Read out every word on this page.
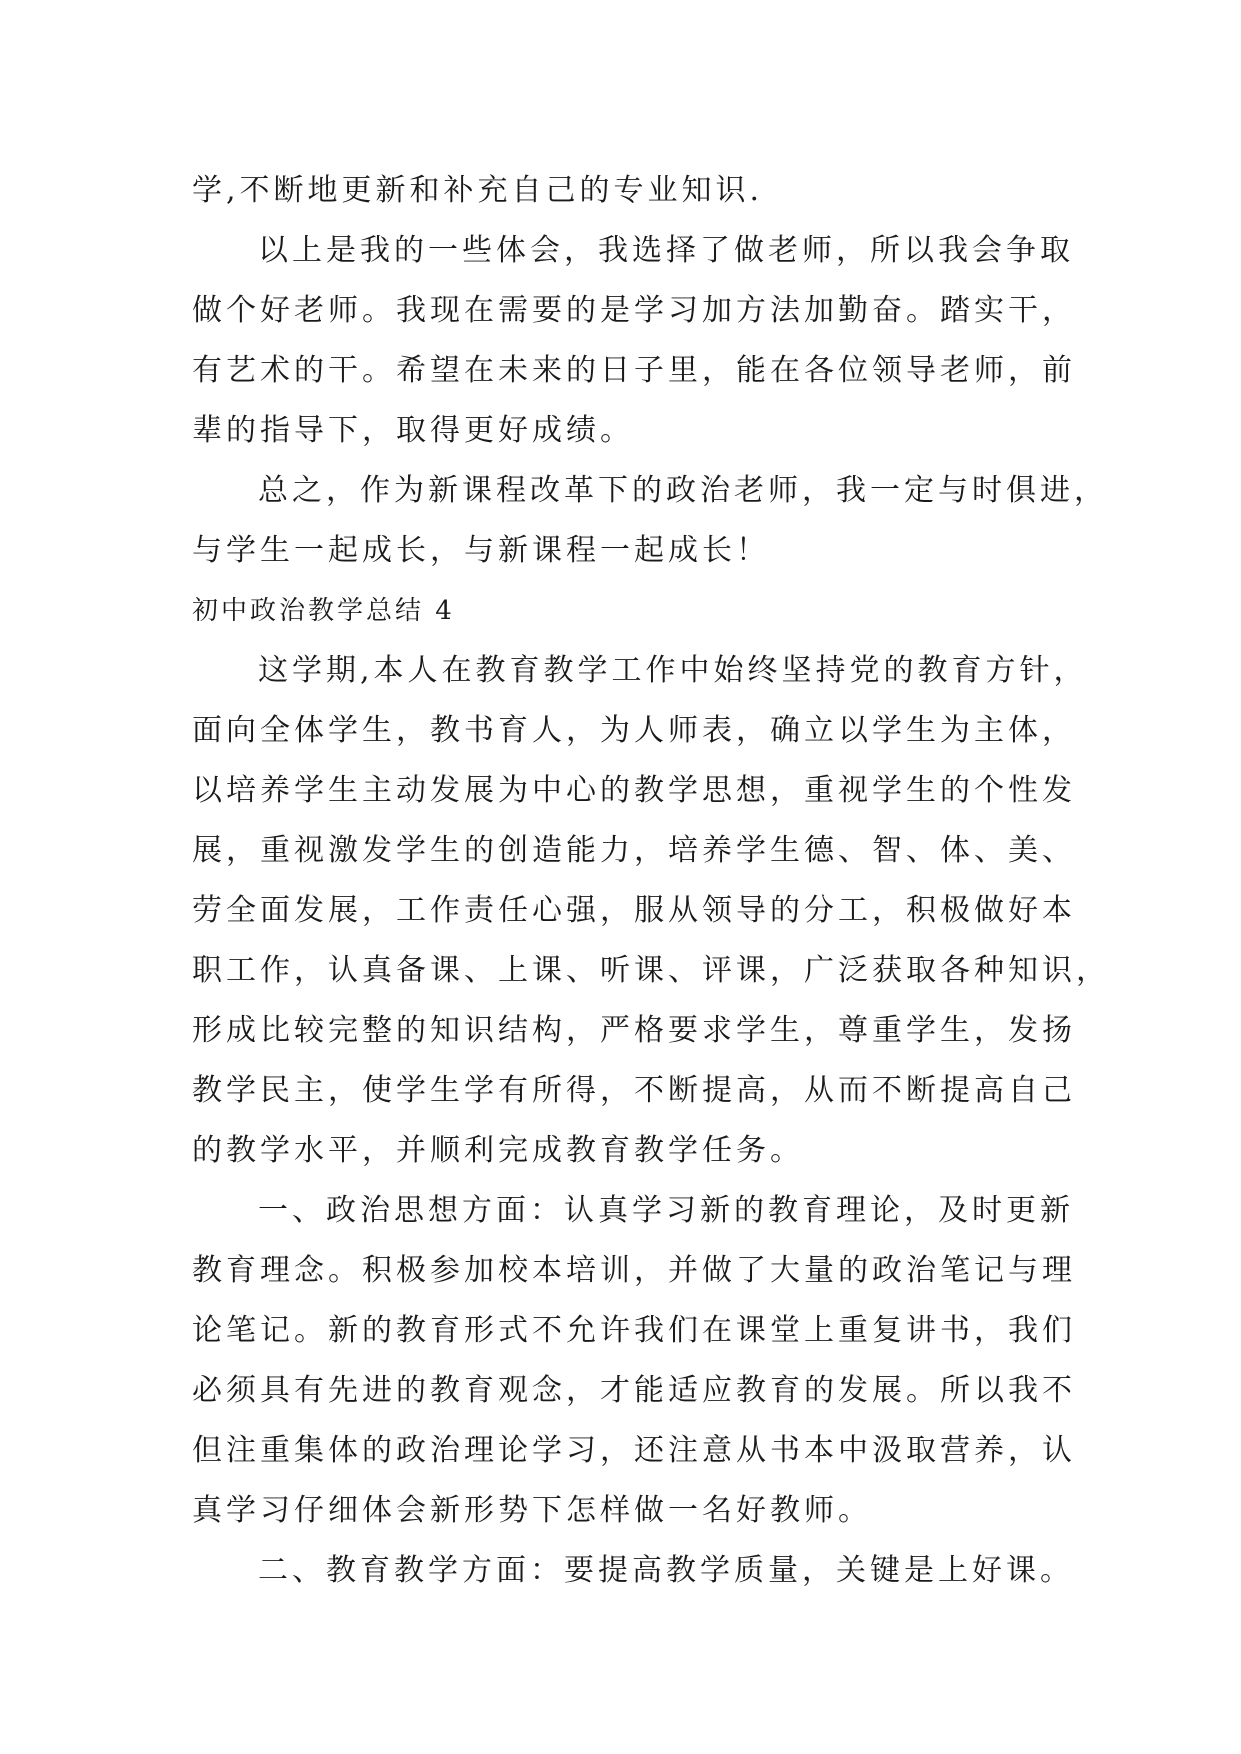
学,不断地更新和补充自己的专业知识.
以上是我的一些体会，我选择了做老师，所以我会争取
做个好老师。我现在需要的是学习加方法加勤奋。踏实干，
有艺术的干。希望在未来的日子里，能在各位领导老师，前
辈的指导下，取得更好成绩。
总之，作为新课程改革下的政治老师，我一定与时俱进，
与学生一起成长，与新课程一起成长！
初中政治教学总结 4
这学期,本人在教育教学工作中始终坚持党的教育方针，
面向全体学生，教书育人，为人师表，确立以学生为主体，
以培养学生主动发展为中心的教学思想，重视学生的个性发
展，重视激发学生的创造能力，培养学生德、智、体、美、
劳全面发展，工作责任心强，服从领导的分工，积极做好本
职工作，认真备课、上课、听课、评课，广泛获取各种知识，
形成比较完整的知识结构，严格要求学生，尊重学生，发扬
教学民主，使学生学有所得，不断提高，从而不断提高自己
的教学水平，并顺利完成教育教学任务。
一、政治思想方面：认真学习新的教育理论，及时更新
教育理念。积极参加校本培训，并做了大量的政治笔记与理
论笔记。新的教育形式不允许我们在课堂上重复讲书，我们
必须具有先进的教育观念，才能适应教育的发展。所以我不
但注重集体的政治理论学习，还注意从书本中汲取营养，认
真学习仔细体会新形势下怎样做一名好教师。
二、教育教学方面：要提高教学质量，关键是上好课。
